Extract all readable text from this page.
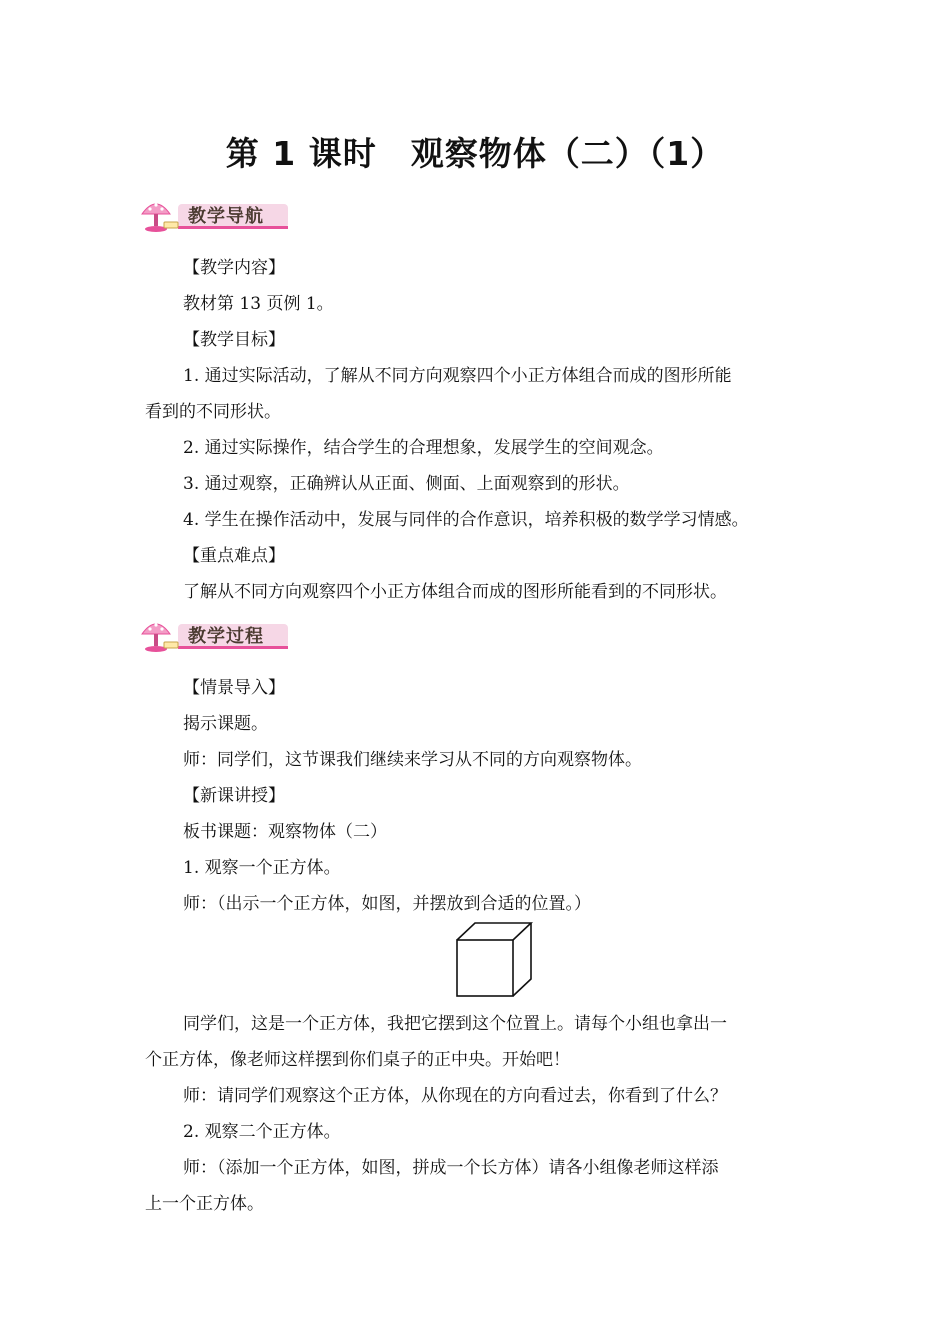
第 1 课时　观察物体（二）（1）
教学导航
【教学内容】
教材第 13 页例 1。
【教学目标】
1. 通过实际活动，了解从不同方向观察四个小正方体组合而成的图形所能
看到的不同形状。
2. 通过实际操作，结合学生的合理想象，发展学生的空间观念。
3. 通过观察，正确辨认从正面、侧面、上面观察到的形状。
4. 学生在操作活动中，发展与同伴的合作意识，培养积极的数学学习情感。
【重点难点】
了解从不同方向观察四个小正方体组合而成的图形所能看到的不同形状。
教学过程
【情景导入】
揭示课题。
师：同学们，这节课我们继续来学习从不同的方向观察物体。
【新课讲授】
板书课题：观察物体（二）
1. 观察一个正方体。
师：（出示一个正方体，如图，并摆放到合适的位置。）
同学们，这是一个正方体，我把它摆到这个位置上。请每个小组也拿出一
个正方体，像老师这样摆到你们桌子的正中央。开始吧！
师：请同学们观察这个正方体，从你现在的方向看过去，你看到了什么？
2. 观察二个正方体。
师：（添加一个正方体，如图，拼成一个长方体）请各小组像老师这样添
上一个正方体。
